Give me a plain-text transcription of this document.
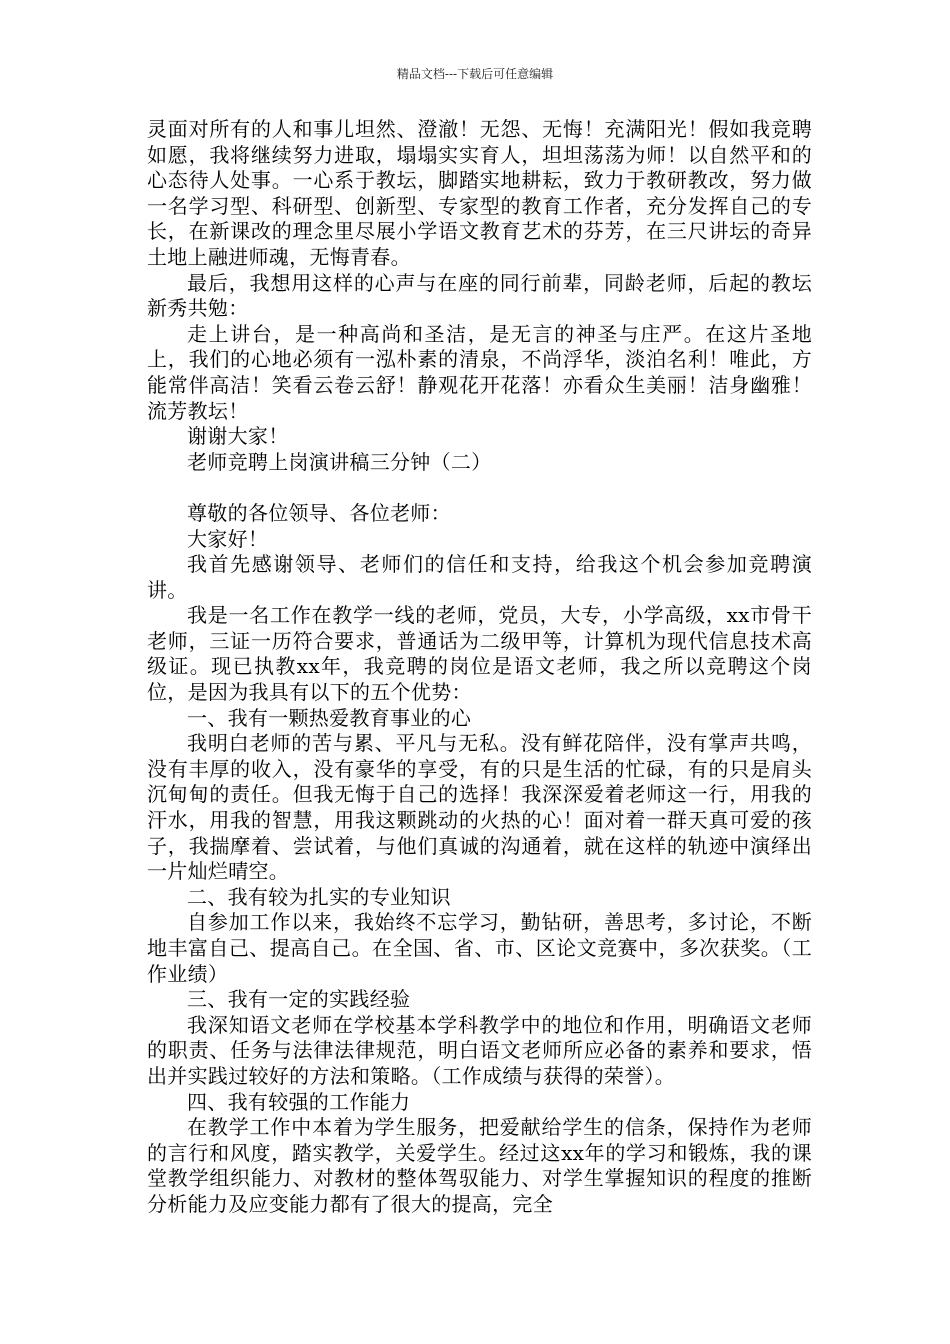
精品文档---下载后可任意编辑

灵面对所有的人和事儿坦然、澄澈！无怨、无悔！充满阳光！假如我竞聘如愿，我将继续努力进取，塌塌实实育人，坦坦荡荡为师！以自然平和的心态待人处事。一心系于教坛，脚踏实地耕耘，致力于教研教改，努力做一名学习型、科研型、创新型、专家型的教育工作者，充分发挥自己的专长，在新课改的理念里尽展小学语文教育艺术的芬芳，在三尺讲坛的奇异土地上融进师魂，无悔青春。

最后，我想用这样的心声与在座的同行前辈，同龄老师，后起的教坛新秀共勉：

走上讲台，是一种高尚和圣洁，是无言的神圣与庄严。在这片圣地上，我们的心地必须有一泓朴素的清泉，不尚浮华，淡泊名利！唯此，方能常伴高洁！笑看云卷云舒！静观花开花落！亦看众生美丽！洁身幽雅！流芳教坛！

谢谢大家！

老师竞聘上岗演讲稿三分钟（二）

尊敬的各位领导、各位老师：

大家好！

我首先感谢领导、老师们的信任和支持，给我这个机会参加竞聘演讲。

我是一名工作在教学一线的老师，党员，大专，小学高级，xx市骨干老师，三证一历符合要求，普通话为二级甲等，计算机为现代信息技术高级证。现已执教xx年，我竞聘的岗位是语文老师，我之所以竞聘这个岗位，是因为我具有以下的五个优势：

一、我有一颗热爱教育事业的心

我明白老师的苦与累、平凡与无私。没有鲜花陪伴，没有掌声共鸣，没有丰厚的收入，没有豪华的享受，有的只是生活的忙碌，有的只是肩头沉甸甸的责任。但我无悔于自己的选择！我深深爱着老师这一行，用我的汗水，用我的智慧，用我这颗跳动的火热的心！面对着一群天真可爱的孩子，我揣摩着、尝试着，与他们真诚的沟通着，就在这样的轨迹中演绎出一片灿烂晴空。

二、我有较为扎实的专业知识

自参加工作以来，我始终不忘学习，勤钻研，善思考，多讨论，不断地丰富自己、提高自己。在全国、省、市、区论文竞赛中，多次获奖。（工作业绩）

三、我有一定的实践经验

我深知语文老师在学校基本学科教学中的地位和作用，明确语文老师的职责、任务与法律法律规范，明白语文老师所应必备的素养和要求，悟出并实践过较好的方法和策略。（工作成绩与获得的荣誉）。

四、我有较强的工作能力

在教学工作中本着为学生服务，把爱献给学生的信条，保持作为老师的言行和风度，踏实教学，关爱学生。经过这xx年的学习和锻炼，我的课堂教学组织能力、对教材的整体驾驭能力、对学生掌握知识的程度的推断分析能力及应变能力都有了很大的提高，完全
